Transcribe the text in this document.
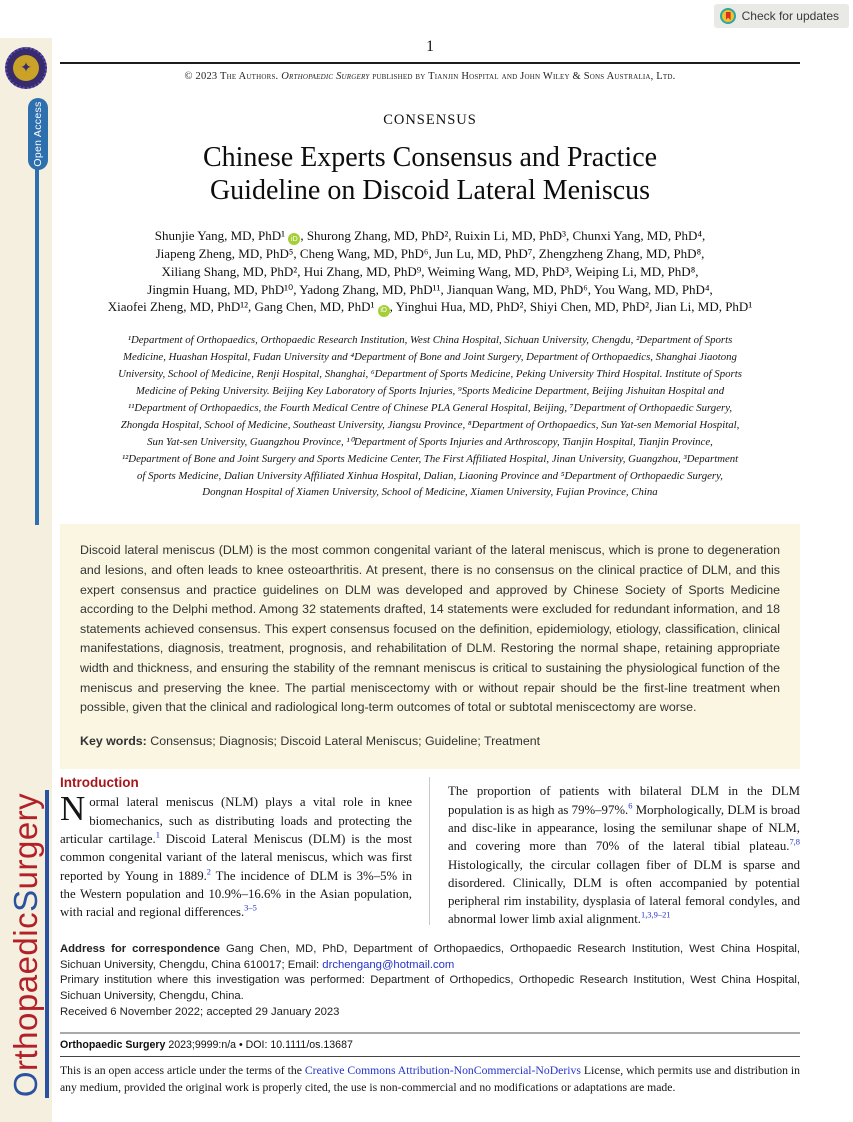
✦
Open Access
O
rthopaedic
S
urgery
Check for updates
1
© 2023 The Authors. Orthopaedic Surgery published by Tianjin Hospital and John Wiley & Sons Australia, Ltd.
CONSENSUS
Chinese Experts Consensus and Practice
Guideline on Discoid Lateral Meniscus
Shunjie Yang, MD, PhD¹ iD , Shurong Zhang, MD, PhD², Ruixin Li, MD, PhD³, Chunxi Yang, MD, PhD⁴,
Jiapeng Zheng, MD, PhD⁵, Cheng Wang, MD, PhD⁶, Jun Lu, MD, PhD⁷, Zhengzheng Zhang, MD, PhD⁸,
Xiliang Shang, MD, PhD², Hui Zhang, MD, PhD⁹, Weiming Wang, MD, PhD³, Weiping Li, MD, PhD⁸,
Jingmin Huang, MD, PhD¹⁰, Yadong Zhang, MD, PhD¹¹, Jianquan Wang, MD, PhD⁶, You Wang, MD, PhD⁴,
Xiaofei Zheng, MD, PhD¹², Gang Chen, MD, PhD¹ iD , Yinghui Hua, MD, PhD², Shiyi Chen, MD, PhD², Jian Li, MD, PhD¹
¹Department of Orthopaedics, Orthopaedic Research Institution, West China Hospital, Sichuan University, Chengdu, ²Department of Sports
Medicine, Huashan Hospital, Fudan University and ⁴Department of Bone and Joint Surgery, Department of Orthopaedics, Shanghai Jiaotong
University, School of Medicine, Renji Hospital, Shanghai, ⁶Department of Sports Medicine, Peking University Third Hospital. Institute of Sports
Medicine of Peking University. Beijing Key Laboratory of Sports Injuries, ⁹Sports Medicine Department, Beijing Jishuitan Hospital and
¹¹Department of Orthopaedics, the Fourth Medical Centre of Chinese PLA General Hospital, Beijing, ⁷Department of Orthopaedic Surgery,
Zhongda Hospital, School of Medicine, Southeast University, Jiangsu Province, ⁸Department of Orthopaedics, Sun Yat-sen Memorial Hospital,
Sun Yat-sen University, Guangzhou Province, ¹⁰Department of Sports Injuries and Arthroscopy, Tianjin Hospital, Tianjin Province,
¹²Department of Bone and Joint Surgery and Sports Medicine Center, The First Affiliated Hospital, Jinan University, Guangzhou, ³Department
of Sports Medicine, Dalian University Affiliated Xinhua Hospital, Dalian, Liaoning Province and ⁵Department of Orthopaedic Surgery,
Dongnan Hospital of Xiamen University, School of Medicine, Xiamen University, Fujian Province, China
Discoid lateral meniscus (DLM) is the most common congenital variant of the lateral meniscus, which is prone to degeneration and lesions, and often leads to knee osteoarthritis. At present, there is no consensus on the clinical practice of DLM, and this expert consensus and practice guidelines on DLM was developed and approved by Chinese Society of Sports Medicine according to the Delphi method. Among 32 statements drafted, 14 statements were excluded for redundant information, and 18 statements achieved consensus. This expert consensus focused on the definition, epidemiology, etiology, classification, clinical manifestations, diagnosis, treatment, prognosis, and rehabilitation of DLM. Restoring the normal shape, retaining appropriate width and thickness, and ensuring the stability of the remnant meniscus is critical to sustaining the physiological function of the meniscus and preserving the knee. The partial meniscectomy with or without repair should be the first-line treatment when possible, given that the clinical and radiological long-term outcomes of total or subtotal meniscectomy are worse.
Key words: Consensus; Diagnosis; Discoid Lateral Meniscus; Guideline; Treatment
Introduction

Normal lateral meniscus (NLM) plays a vital role in knee biomechanics, such as distributing loads and protecting the articular cartilage.$^1$ Discoid Lateral Meniscus (DLM) is the most common congenital variant of the lateral meniscus, which was first reported by Young in 1889.$^2$ The incidence of DLM is 3%–5% in the Western population and 10.9%–16.6% in the Asian population, with racial and regional differences.$^{3-5}$

The proportion of patients with bilateral DLM in the DLM population is as high as 79%–97%.$^6$ Morphologically, DLM is broad and disc-like in appearance, losing the semilunar shape of NLM, and covering more than 70% of the lateral tibial plateau.$^{7,8}$ Histologically, the circular collagen fiber of DLM is sparse and disordered. Clinically, DLM is often accompanied by potential peripheral rim instability, dysplasia of lateral femoral condyles, and abnormal lower limb axial alignment.$^{1,3,9-21}$

Address for correspondence Gang Chen, MD, PhD, Department of Orthopaedics, Orthopaedic Research Institution, West China Hospital, Sichuan University, Chengdu, China 610017; Email: drchengang@hotmail.com
Primary institution where this investigation was performed: Department of Orthopedics, Orthopedic Research Institution, West China Hospital, Sichuan University, Chengdu, China.
Received 6 November 2022; accepted 29 January 2023
Orthopaedic Surgery 2023;9999:n/a • DOI: 10.1111/os.13687
This is an open access article under the terms of the Creative Commons Attribution-NonCommercial-NoDerivs License, which permits use and distribution in any medium, provided the original work is properly cited, the use is non-commercial and no modifications or adaptations are made.
